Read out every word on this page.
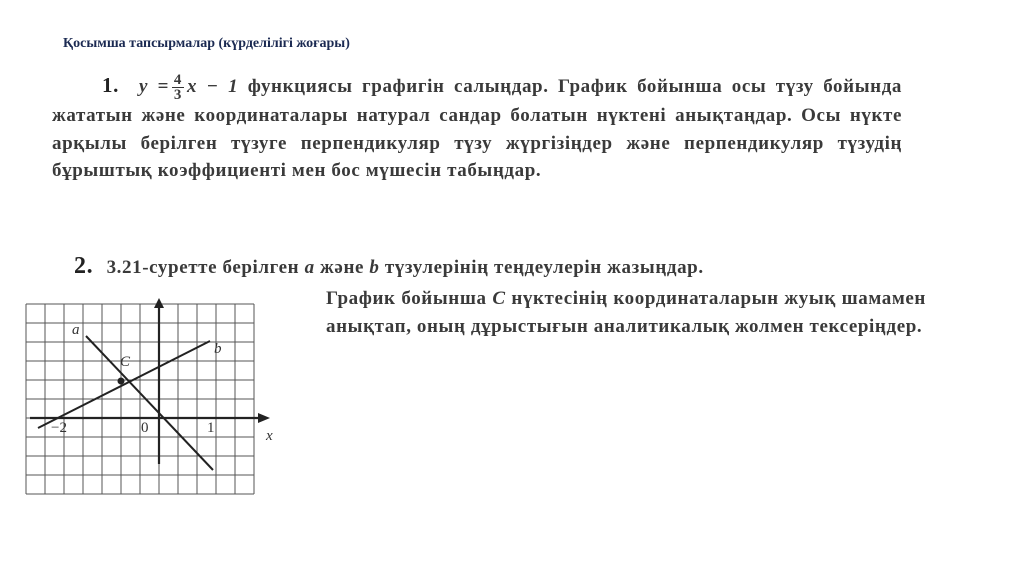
Қосымша тапсырмалар (күрделілігі жоғары)
1. $y = \frac{4}{3}$ x − 1 функциясы графигін салыңдар. График бойынша осы түзу бойында жататын және координаталары натурал сандар болатын нүктені анықтаңдар. Осы нүкте арқылы берілген түзуге перпендикуляр түзу жүргізіңдер және перпендикуляр түзудің бұрыштық коэффициенті мен бос мүшесін табыңдар.
2. 3.21-суретте берілген a және b түзулерінің теңдеулерін жазыңдар.
График бойынша C нүктесінің координаталарын жуық шамамен анықтап, оның дұрыстығын аналитикалық жолмен тексеріңдер.
a
b
C
x
−2	0	1
